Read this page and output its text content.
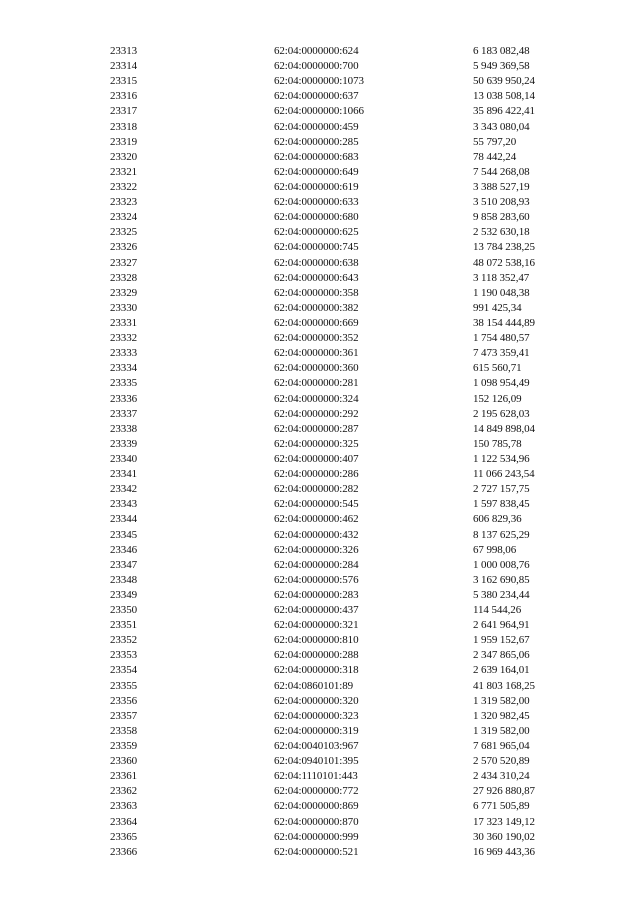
23313	62:04:0000000:624	6 183 082,48
23314	62:04:0000000:700	5 949 369,58
23315	62:04:0000000:1073	50 639 950,24
23316	62:04:0000000:637	13 038 508,14
23317	62:04:0000000:1066	35 896 422,41
23318	62:04:0000000:459	3 343 080,04
23319	62:04:0000000:285	55 797,20
23320	62:04:0000000:683	78 442,24
23321	62:04:0000000:649	7 544 268,08
23322	62:04:0000000:619	3 388 527,19
23323	62:04:0000000:633	3 510 208,93
23324	62:04:0000000:680	9 858 283,60
23325	62:04:0000000:625	2 532 630,18
23326	62:04:0000000:745	13 784 238,25
23327	62:04:0000000:638	48 072 538,16
23328	62:04:0000000:643	3 118 352,47
23329	62:04:0000000:358	1 190 048,38
23330	62:04:0000000:382	991 425,34
23331	62:04:0000000:669	38 154 444,89
23332	62:04:0000000:352	1 754 480,57
23333	62:04:0000000:361	7 473 359,41
23334	62:04:0000000:360	615 560,71
23335	62:04:0000000:281	1 098 954,49
23336	62:04:0000000:324	152 126,09
23337	62:04:0000000:292	2 195 628,03
23338	62:04:0000000:287	14 849 898,04
23339	62:04:0000000:325	150 785,78
23340	62:04:0000000:407	1 122 534,96
23341	62:04:0000000:286	11 066 243,54
23342	62:04:0000000:282	2 727 157,75
23343	62:04:0000000:545	1 597 838,45
23344	62:04:0000000:462	606 829,36
23345	62:04:0000000:432	8 137 625,29
23346	62:04:0000000:326	67 998,06
23347	62:04:0000000:284	1 000 008,76
23348	62:04:0000000:576	3 162 690,85
23349	62:04:0000000:283	5 380 234,44
23350	62:04:0000000:437	114 544,26
23351	62:04:0000000:321	2 641 964,91
23352	62:04:0000000:810	1 959 152,67
23353	62:04:0000000:288	2 347 865,06
23354	62:04:0000000:318	2 639 164,01
23355	62:04:0860101:89	41 803 168,25
23356	62:04:0000000:320	1 319 582,00
23357	62:04:0000000:323	1 320 982,45
23358	62:04:0000000:319	1 319 582,00
23359	62:04:0040103:967	7 681 965,04
23360	62:04:0940101:395	2 570 520,89
23361	62:04:1110101:443	2 434 310,24
23362	62:04:0000000:772	27 926 880,87
23363	62:04:0000000:869	6 771 505,89
23364	62:04:0000000:870	17 323 149,12
23365	62:04:0000000:999	30 360 190,02
23366	62:04:0000000:521	16 969 443,36
